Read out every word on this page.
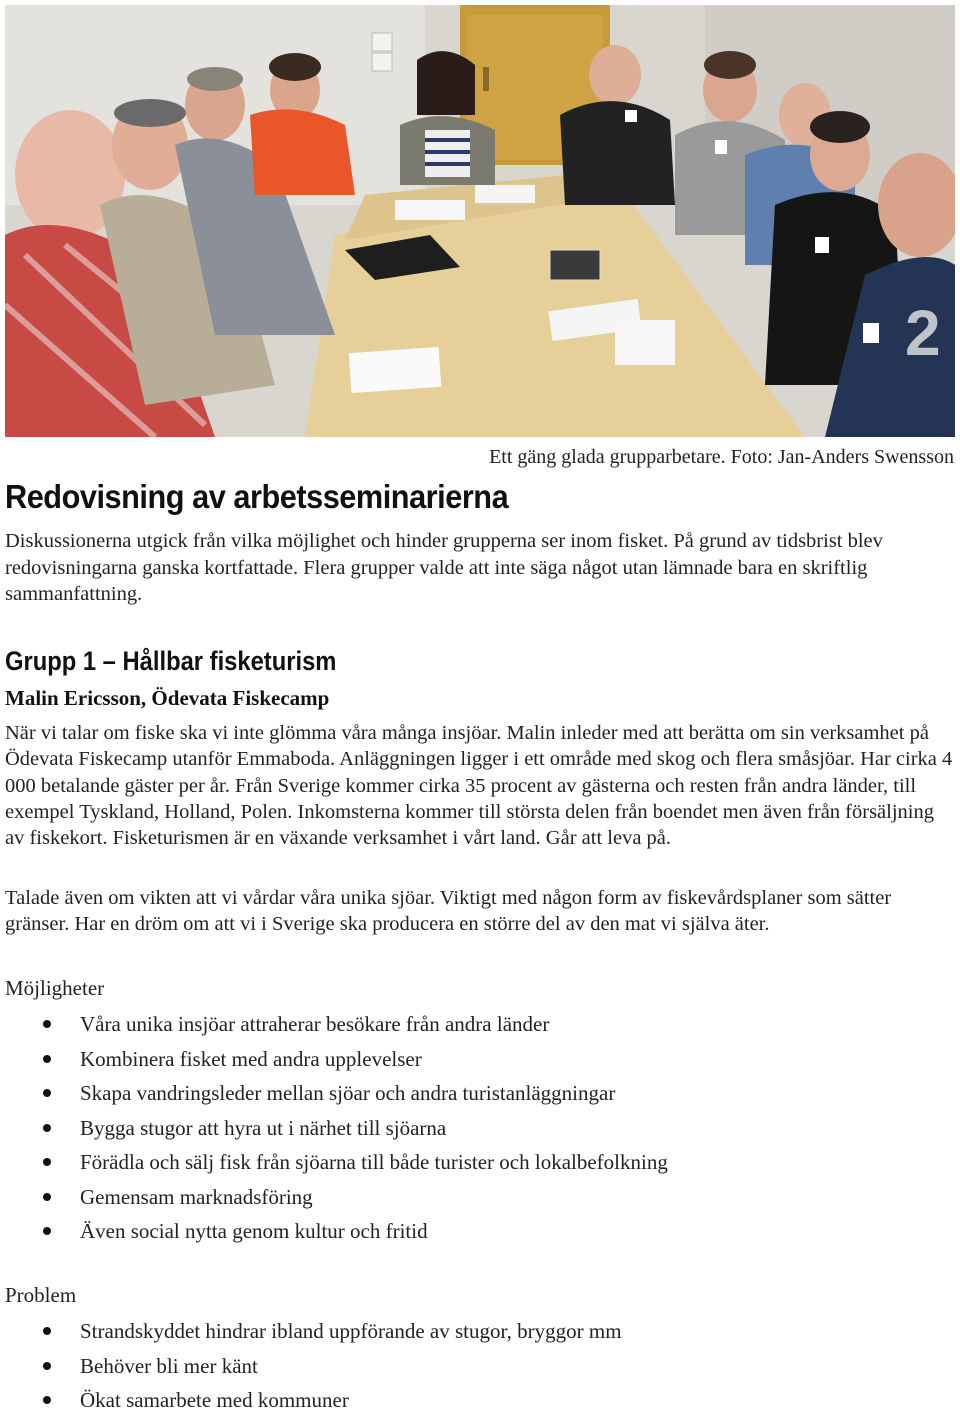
2
Ett gäng glada grupparbetare. Foto: Jan-Anders Swensson
Redovisning av arbetsseminarierna

Diskussionerna utgick från vilka möjlighet och hinder grupperna ser inom fisket. På grund av tidsbrist blev redovisningarna ganska kortfattade. Flera grupper valde att inte säga något utan lämnade bara en skriftlig sammanfattning.

Grupp 1 – Hållbar fisketurism

Malin Ericsson, Ödevata Fiskecamp

När vi talar om fiske ska vi inte glömma våra många insjöar. Malin inleder med att berätta om sin verksamhet på Ödevata Fiskecamp utanför Emmaboda. Anläggningen ligger i ett område med skog och flera småsjöar. Har cirka 4 000 betalande gäster per år. Från Sverige kommer cirka 35 procent av gästerna och resten från andra länder, till exempel Tyskland, Holland, Polen. Inkomsterna kommer till största delen från boendet men även från försäljning av fiskekort. Fisketurismen är en växande verksamhet i vårt land. Går att leva på.

Talade även om vikten att vi vårdar våra unika sjöar. Viktigt med någon form av fiskevårdsplaner som sätter gränser. Har en dröm om att vi i Sverige ska producera en större del av den mat vi själva äter.

Möjligheter

Våra unika insjöar attraherar besökare från andra länder
Kombinera fisket med andra upplevelser
Skapa vandringsleder mellan sjöar och andra turistanläggningar
Bygga stugor att hyra ut i närhet till sjöarna
Förädla och sälj fisk från sjöarna till både turister och lokalbefolkning
Gemensam marknadsföring
Även social nytta genom kultur och fritid

Problem

Strandskyddet hindrar ibland uppförande av stugor, bryggor mm
Behöver bli mer känt
Ökat samarbete med kommuner
